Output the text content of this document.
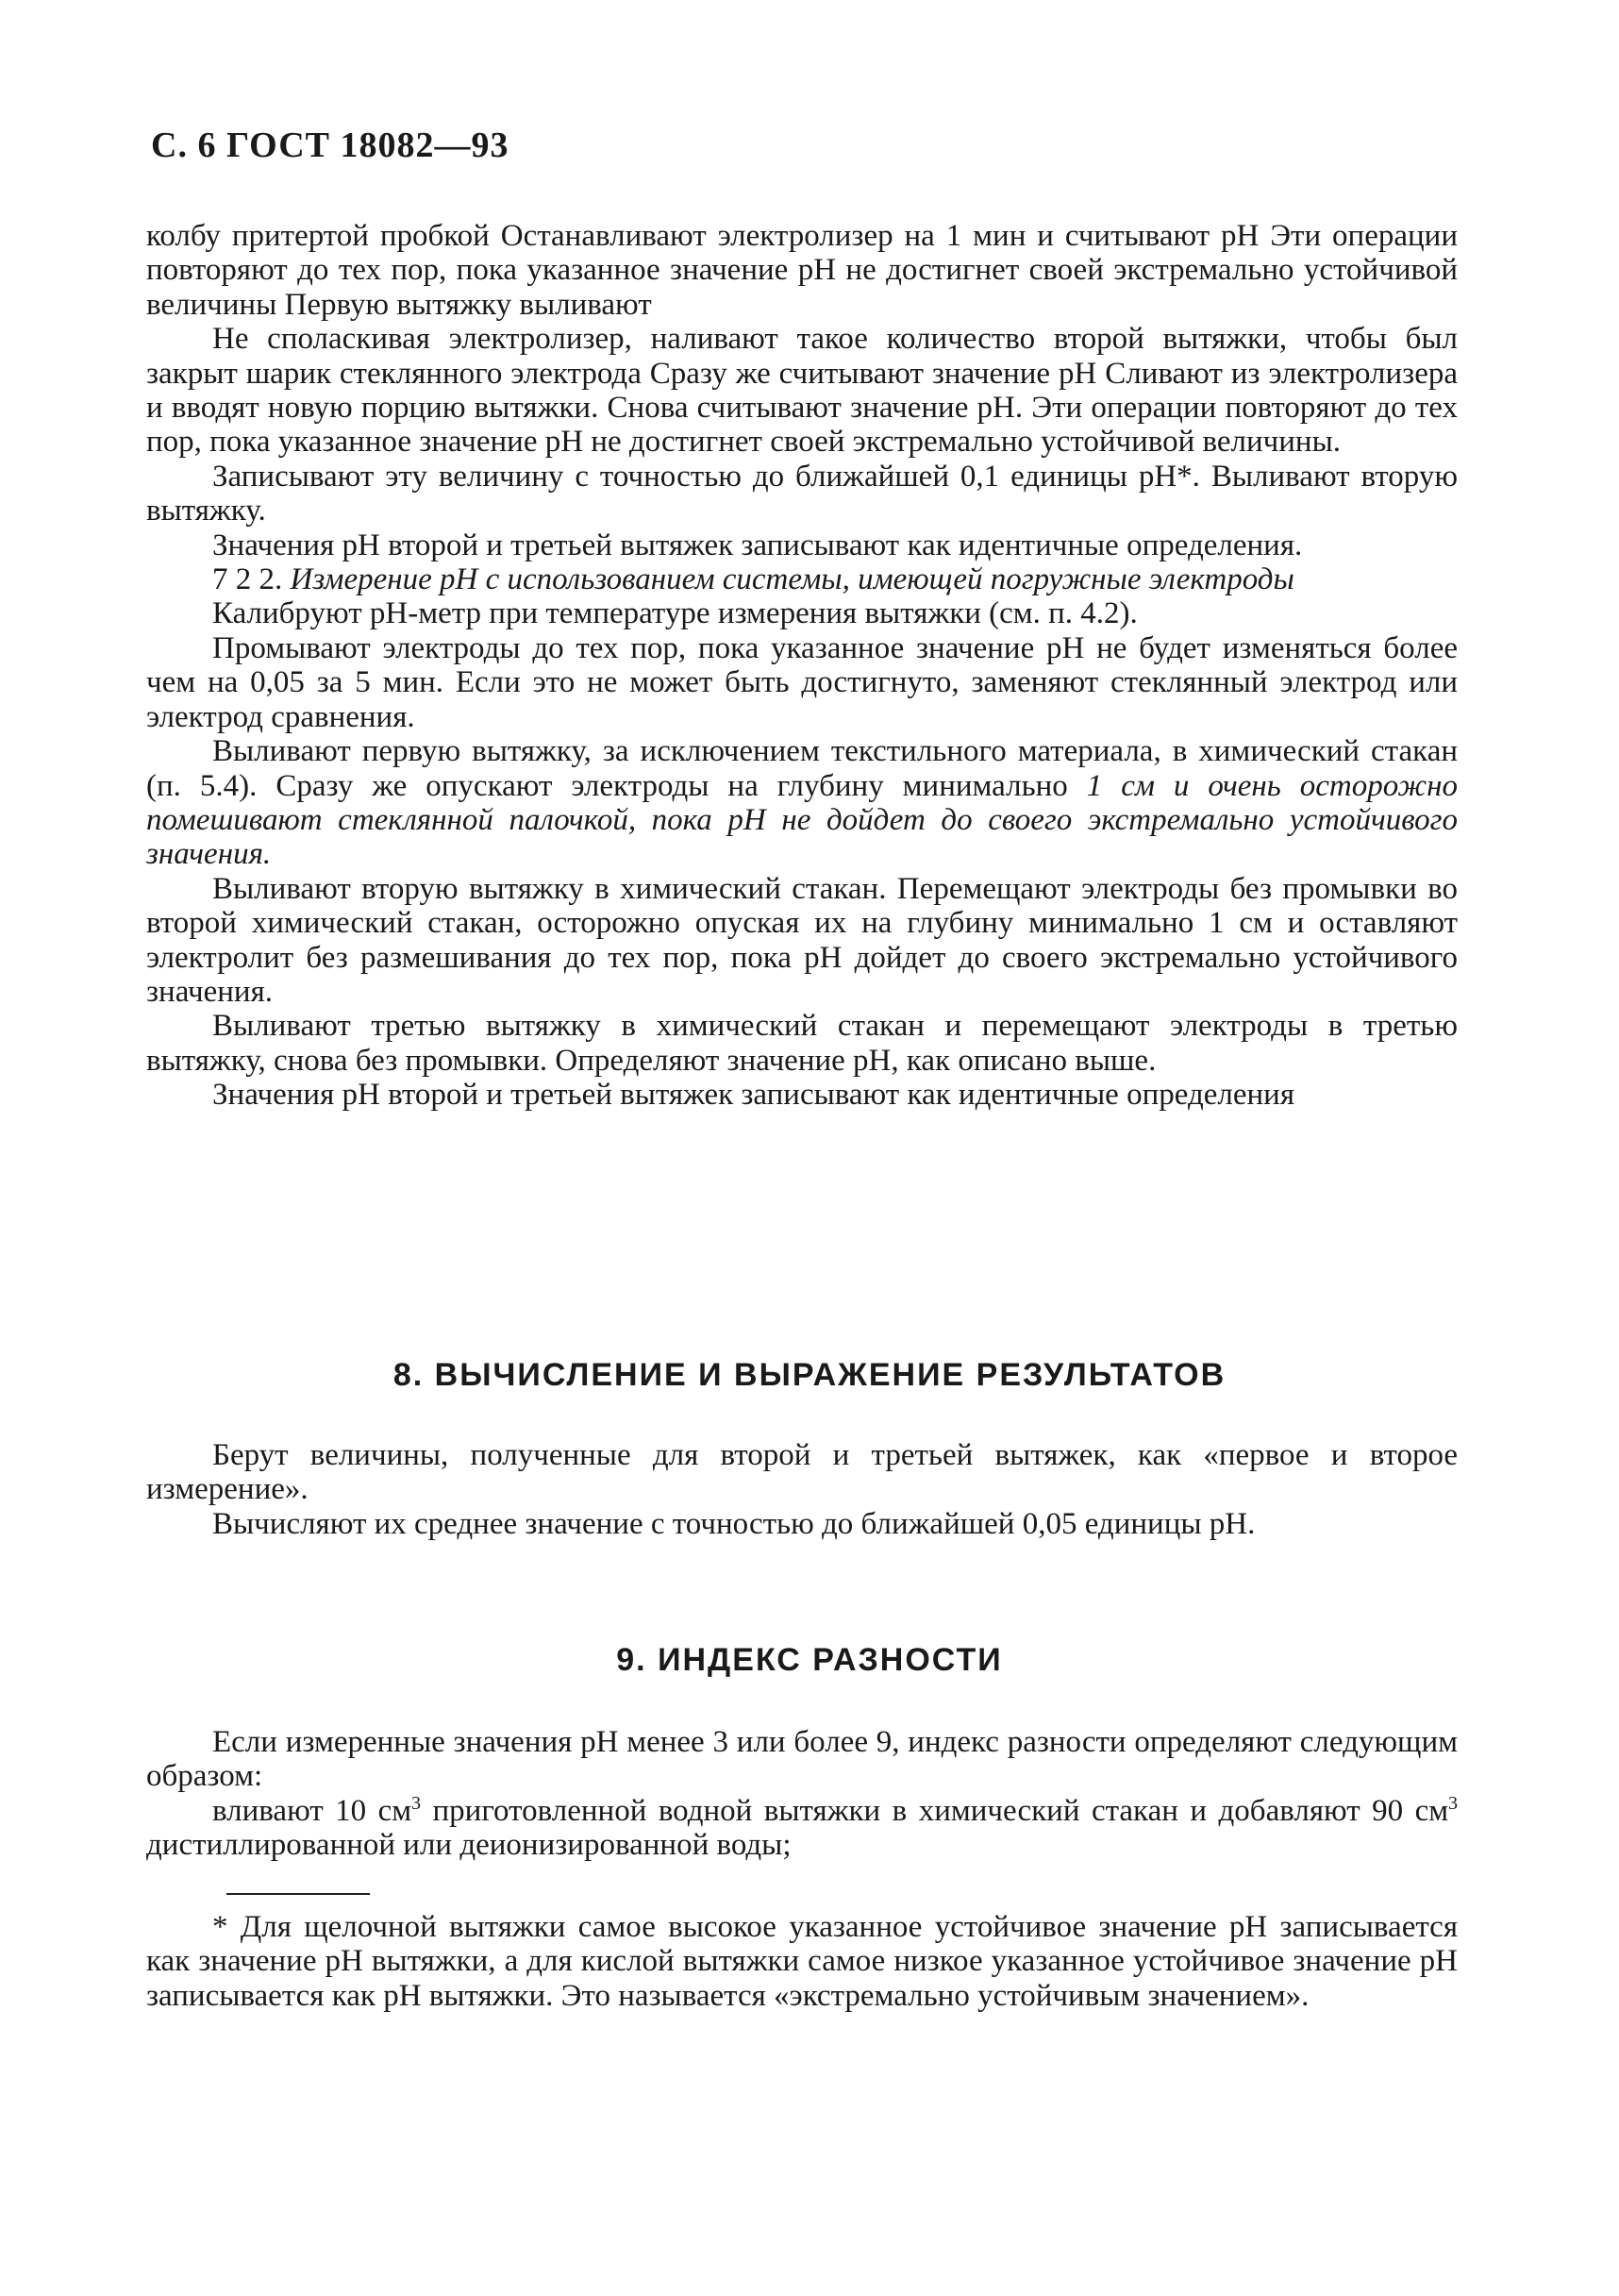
С. 6 ГОСТ 18082—93

колбу притертой пробкой Останавливают электролизер на 1 мин и считывают pH Эти операции повторяют до тех пор, пока указанное значение pH не достигнет своей экстремально устойчивой величины Первую вытяжку выливают

Не споласкивая электролизер, наливают такое количество второй вытяжки, чтобы был закрыт шарик стеклянного электрода Сразу же считывают значение pH Сливают из электролизера и вводят новую порцию вытяжки. Снова считывают значение pH. Эти операции повторяют до тех пор, пока указанное значение pH не достигнет своей экстремально устойчивой величины.

Записывают эту величину с точностью до ближайшей 0,1 единицы pH*. Выливают вторую вытяжку.

Значения pH второй и третьей вытяжек записывают как идентичные определения.

7 2 2. Измерение pH с использованием системы, имеющей погружные электроды

Калибруют pH-метр при температуре измерения вытяжки (см. п. 4.2).

Промывают электроды до тех пор, пока указанное значение pH не будет изменяться более чем на 0,05 за 5 мин. Если это не может быть достигнуто, заменяют стеклянный электрод или электрод сравнения.

Выливают первую вытяжку, за исключением текстильного материала, в химический стакан (п. 5.4). Сразу же опускают электроды на глубину минимально 1 см и очень осторожно помешивают стеклянной палочкой, пока pH не дойдет до своего экстремально устойчивого значения.

Выливают вторую вытяжку в химический стакан. Перемещают электроды без промывки во второй химический стакан, осторожно опуская их на глубину минимально 1 см и оставляют электролит без размешивания до тех пор, пока pH дойдет до своего экстремально устойчивого значения.

Выливают третью вытяжку в химический стакан и перемещают электроды в третью вытяжку, снова без промывки. Определяют значение pH, как описано выше.

Значения pH второй и третьей вытяжек записывают как идентичные определения

8. ВЫЧИСЛЕНИЕ И ВЫРАЖЕНИЕ РЕЗУЛЬТАТОВ

Берут величины, полученные для второй и третьей вытяжек, как «первое и второе измерение».

Вычисляют их среднее значение с точностью до ближайшей 0,05 единицы pH.

9. ИНДЕКС РАЗНОСТИ

Если измеренные значения pH менее 3 или более 9, индекс разности определяют следующим образом:

вливают 10 $см^3$ приготовленной водной вытяжки в химический стакан и добавляют 90 $см^3$ дистиллированной или деионизированной воды;

* Для щелочной вытяжки самое высокое указанное устойчивое значение pH записывается как значение pH вытяжки, а для кислой вытяжки самое низкое указанное устойчивое значение pH записывается как pH вытяжки. Это называется «экстремально устойчивым значением».
